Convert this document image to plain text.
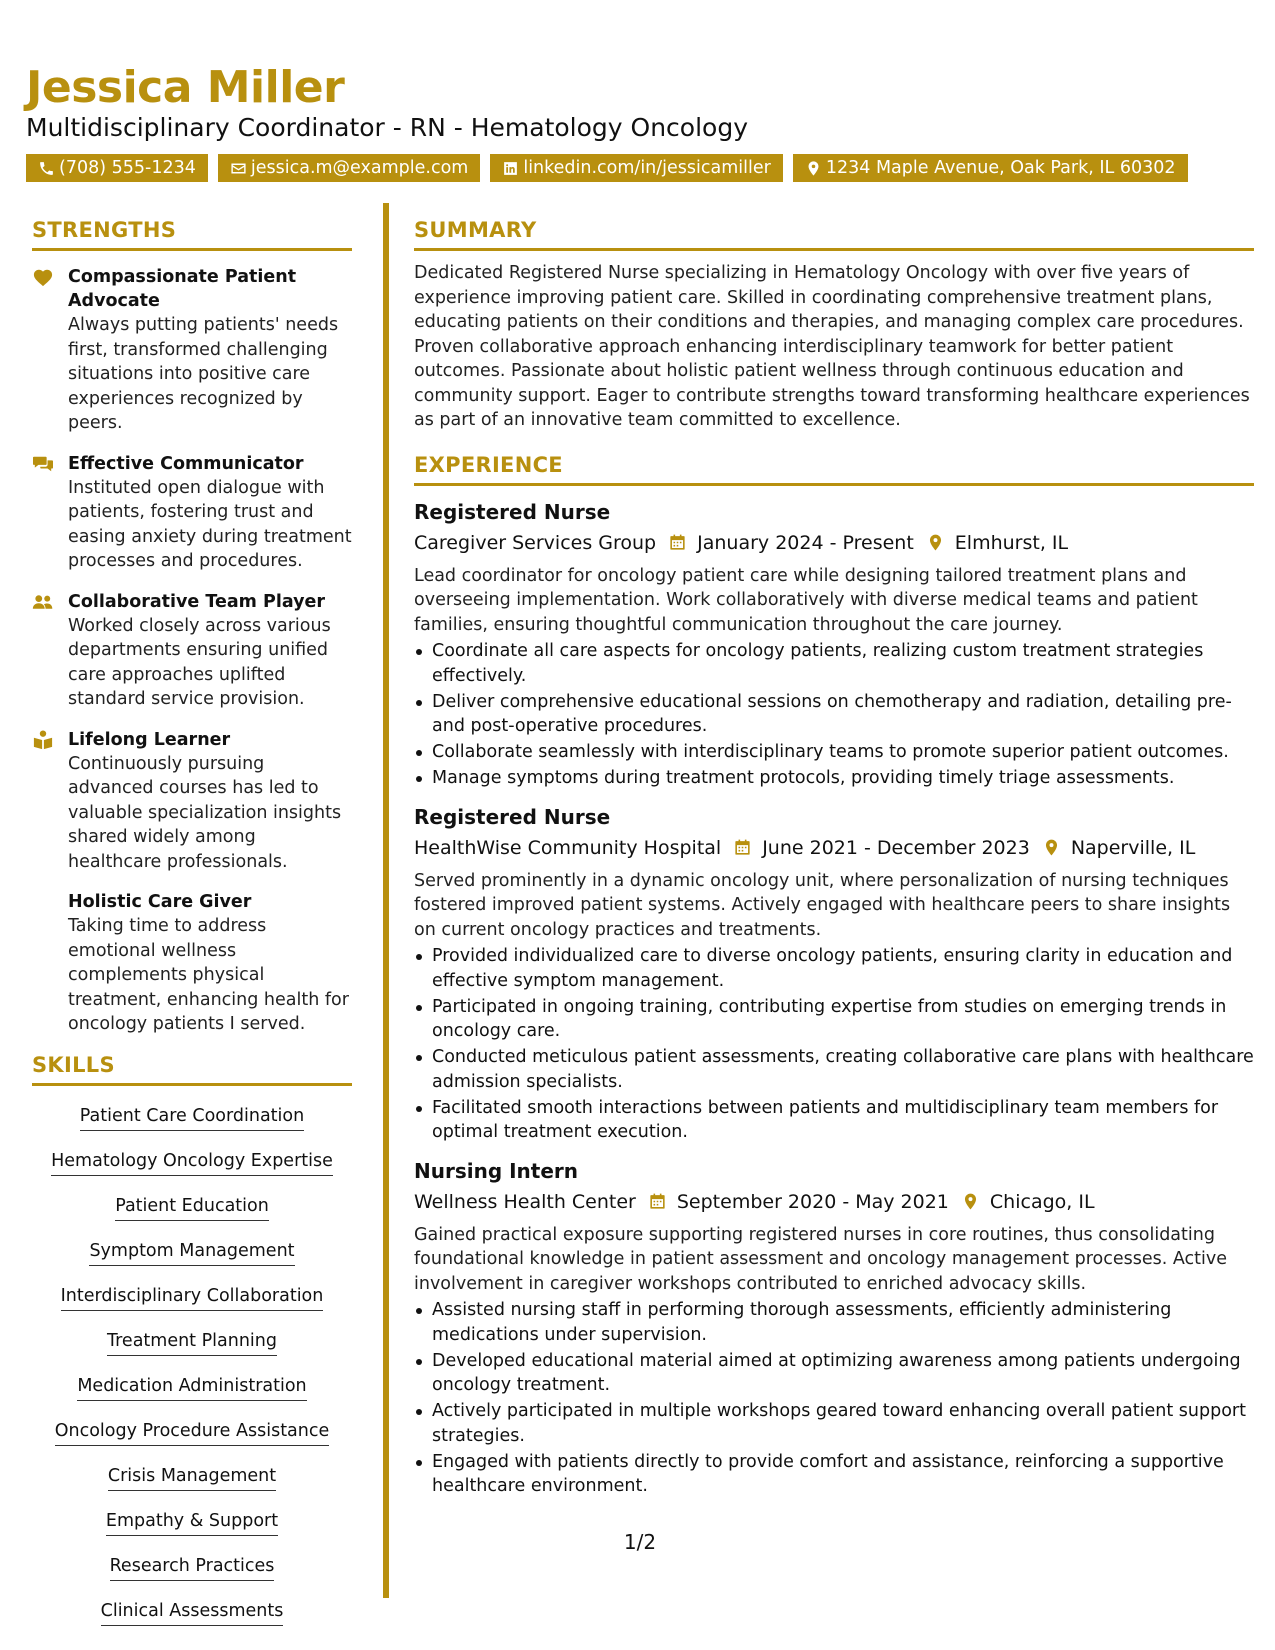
Jessica Miller
Multidisciplinary Coordinator - RN - Hematology Oncology
(708) 555-1234	jessica.m@example.com	linkedin.com/in/jessicamiller	1234 Maple Avenue, Oak Park, IL 60302
STRENGTHS
Compassionate Patient Advocate
Always putting patients' needs first, transformed challenging situations into positive care experiences recognized by peers.
Effective Communicator
Instituted open dialogue with patients, fostering trust and easing anxiety during treatment processes and procedures.
Collaborative Team Player
Worked closely across various departments ensuring unified care approaches uplifted standard service provision.
Lifelong Learner
Continuously pursuing advanced courses has led to valuable specialization insights shared widely among healthcare professionals.
Holistic Care Giver
Taking time to address emotional wellness complements physical treatment, enhancing health for oncology patients I served.
SKILLS
Patient Care Coordination
Hematology Oncology Expertise
Patient Education
Symptom Management
Interdisciplinary Collaboration
Treatment Planning
Medication Administration
Oncology Procedure Assistance
Crisis Management
Empathy & Support
Research Practices
Clinical Assessments
SUMMARY
Dedicated Registered Nurse specializing in Hematology Oncology with over five years of experience improving patient care. Skilled in coordinating comprehensive treatment plans, educating patients on their conditions and therapies, and managing complex care procedures. Proven collaborative approach enhancing interdisciplinary teamwork for better patient outcomes. Passionate about holistic patient wellness through continuous education and community support. Eager to contribute strengths toward transforming healthcare experiences as part of an innovative team committed to excellence.
EXPERIENCE
Registered Nurse
Caregiver Services Group January 2024 - Present Elmhurst, IL
Lead coordinator for oncology patient care while designing tailored treatment plans and overseeing implementation. Work collaboratively with diverse medical teams and patient families, ensuring thoughtful communication throughout the care journey.
Coordinate all care aspects for oncology patients, realizing custom treatment strategies effectively.
Deliver comprehensive educational sessions on chemotherapy and radiation, detailing pre-and post-operative procedures.
Collaborate seamlessly with interdisciplinary teams to promote superior patient outcomes.
Manage symptoms during treatment protocols, providing timely triage assessments.
Registered Nurse
HealthWise Community Hospital June 2021 - December 2023 Naperville, IL
Served prominently in a dynamic oncology unit, where personalization of nursing techniques fostered improved patient systems. Actively engaged with healthcare peers to share insights on current oncology practices and treatments.
Provided individualized care to diverse oncology patients, ensuring clarity in education and effective symptom management.
Participated in ongoing training, contributing expertise from studies on emerging trends in oncology care.
Conducted meticulous patient assessments, creating collaborative care plans with healthcare admission specialists.
Facilitated smooth interactions between patients and multidisciplinary team members for optimal treatment execution.
Nursing Intern
Wellness Health Center September 2020 - May 2021 Chicago, IL
Gained practical exposure supporting registered nurses in core routines, thus consolidating foundational knowledge in patient assessment and oncology management processes. Active involvement in caregiver workshops contributed to enriched advocacy skills.
Assisted nursing staff in performing thorough assessments, efficiently administering medications under supervision.
Developed educational material aimed at optimizing awareness among patients undergoing oncology treatment.
Actively participated in multiple workshops geared toward enhancing overall patient support strategies.
Engaged with patients directly to provide comfort and assistance, reinforcing a supportive healthcare environment.
1/2
